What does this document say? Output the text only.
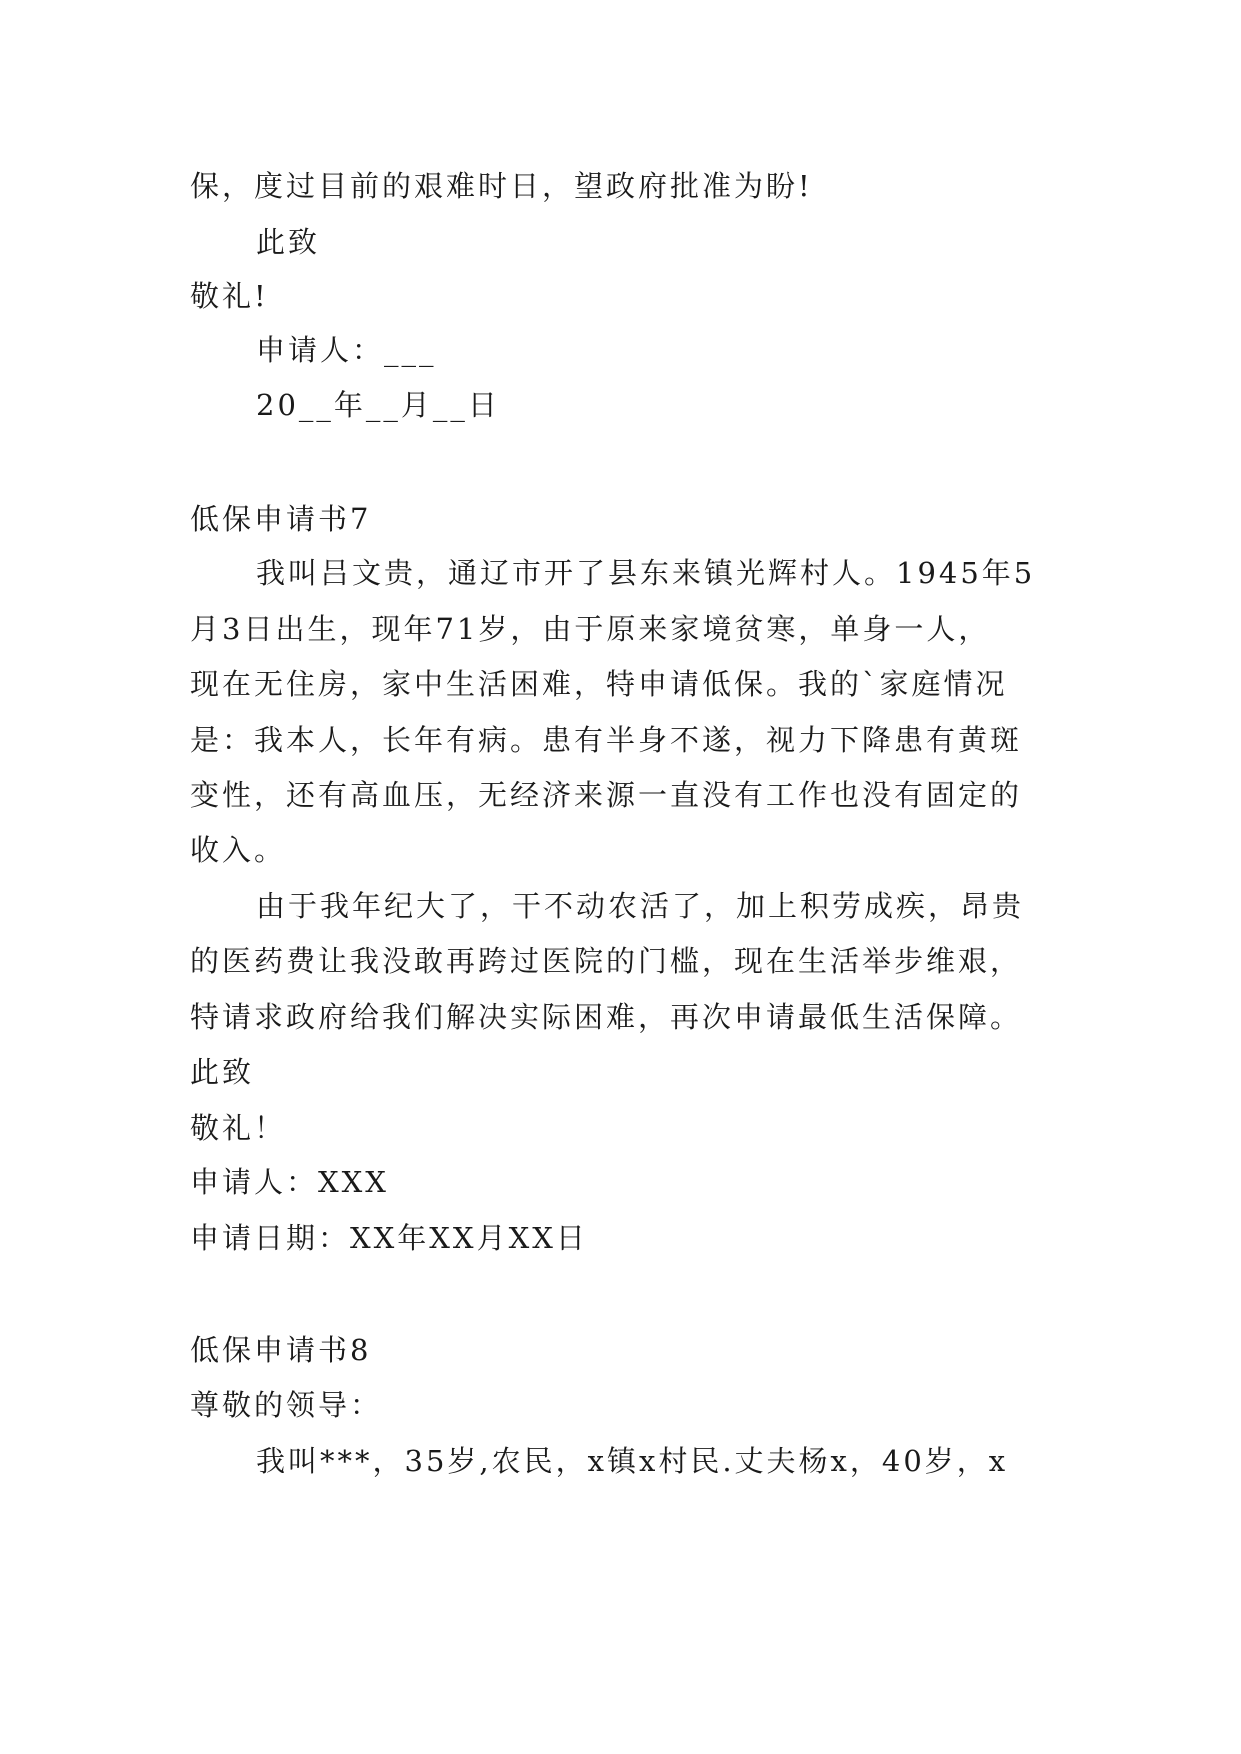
保，度过目前的艰难时日，望政府批准为盼!
此致
敬礼!
申请人：___
20__年__月__日
低保申请书7
我叫吕文贵，通辽市开了县东来镇光辉村人。1945年5
月3日出生，现年71岁，由于原来家境贫寒，单身一人，
现在无住房，家中生活困难，特申请低保。我的`家庭情况
是：我本人，长年有病。患有半身不遂，视力下降患有黄斑
变性，还有高血压，无经济来源一直没有工作也没有固定的
收入。
由于我年纪大了，干不动农活了，加上积劳成疾，昂贵
的医药费让我没敢再跨过医院的门槛，现在生活举步维艰，
特请求政府给我们解决实际困难，再次申请最低生活保障。
此致
敬礼！
申请人：XXX
申请日期：XX年XX月XX日
低保申请书8
尊敬的领导：
我叫***，35岁,农民，x镇x村民.丈夫杨x，40岁，x
